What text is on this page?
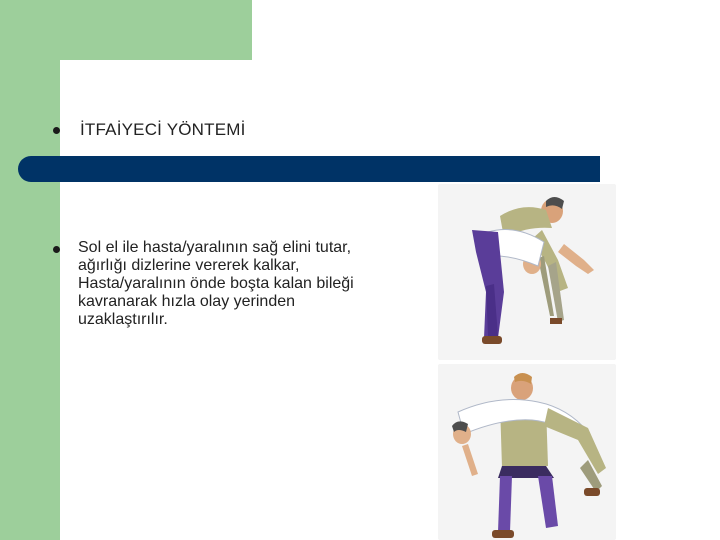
İTFAİYECİ YÖNTEMİ
Sol el ile hasta/yaralının sağ elini tutar, ağırlığı dizlerine vererek kalkar, Hasta/yaralının önde boşta kalan bileği kavranarak hızla olay yerinden uzaklaştırılır.
